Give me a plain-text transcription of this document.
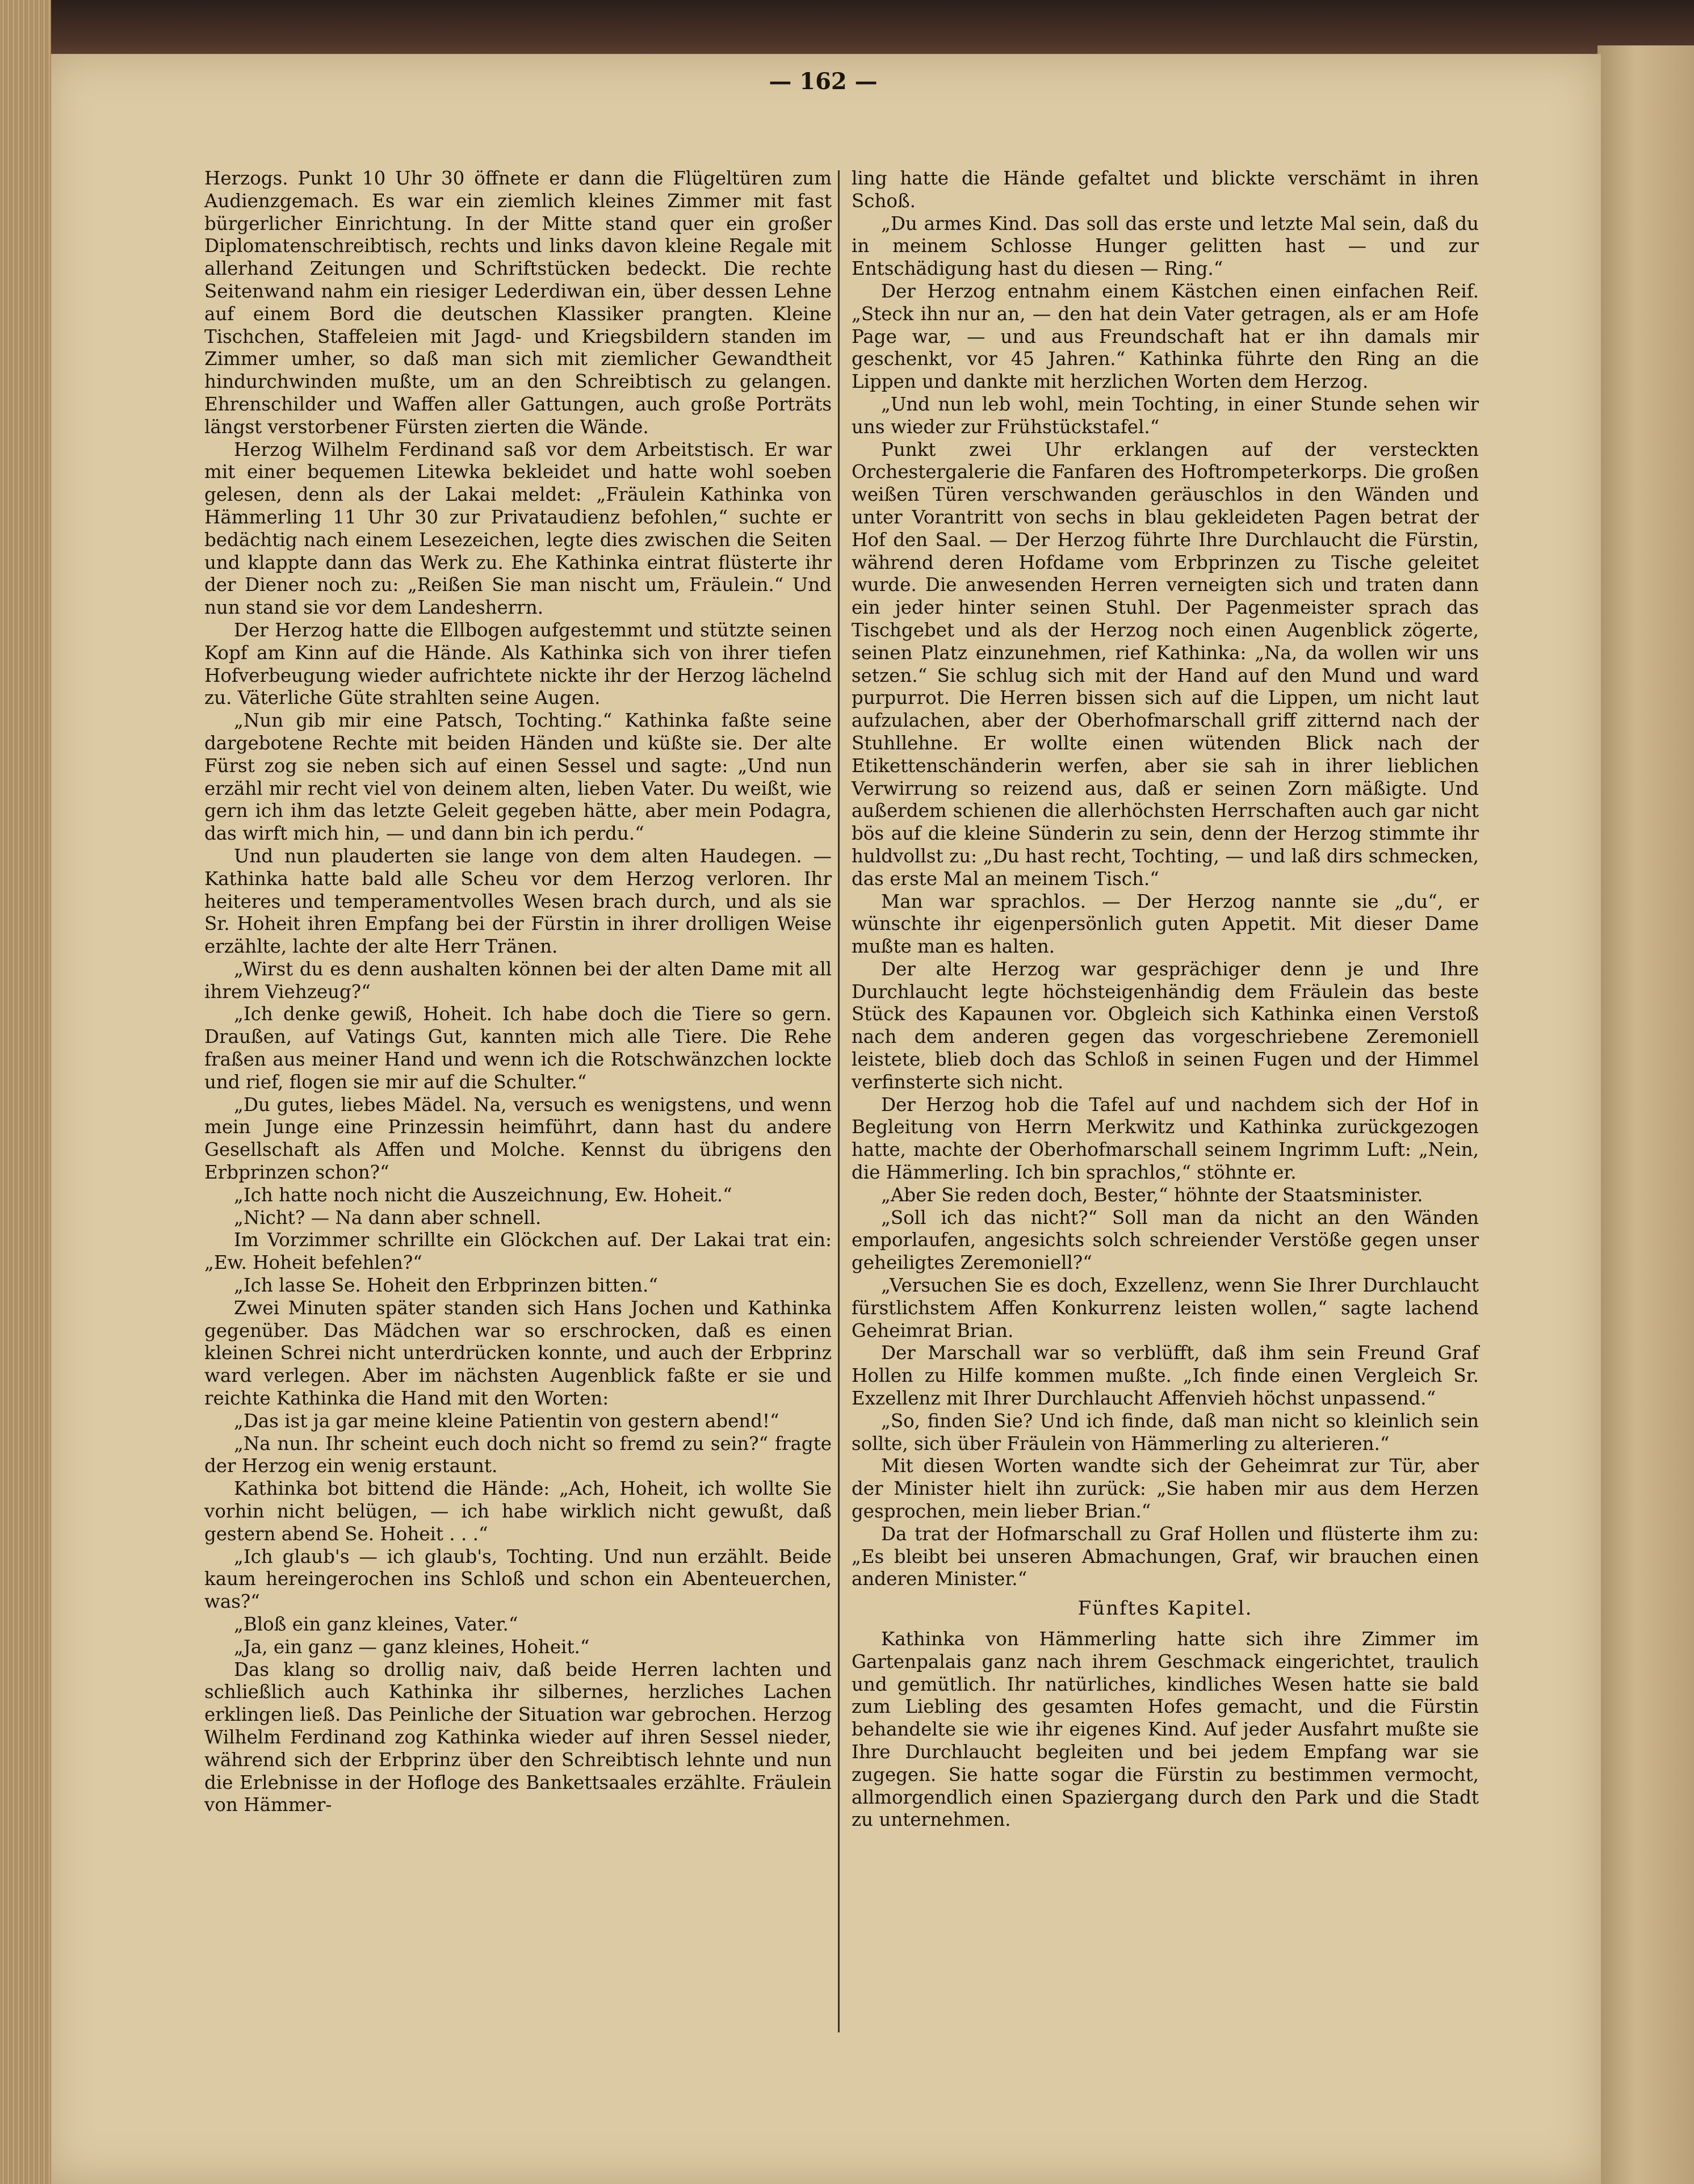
— 162 —

Herzogs. Punkt 10 Uhr 30 öffnete er dann die Flügeltüren zum Audienzgemach. Es war ein ziemlich kleines Zimmer mit fast bürgerlicher Einrichtung. In der Mitte stand quer ein großer Diplomatenschreibtisch, rechts und links davon kleine Regale mit allerhand Zeitungen und Schriftstücken bedeckt. Die rechte Seitenwand nahm ein riesiger Lederdiwan ein, über dessen Lehne auf einem Bord die deutschen Klassiker prangten. Kleine Tischchen, Staffeleien mit Jagd- und Kriegsbildern standen im Zimmer umher, so daß man sich mit ziemlicher Gewandtheit hindurchwinden mußte, um an den Schreibtisch zu gelangen. Ehrenschilder und Waffen aller Gattungen, auch große Porträts längst verstorbener Fürsten zierten die Wände.

Herzog Wilhelm Ferdinand saß vor dem Arbeitstisch. Er war mit einer bequemen Litewka bekleidet und hatte wohl soeben gelesen, denn als der Lakai meldet: „Fräulein Kathinka von Hämmerling 11 Uhr 30 zur Privataudienz befohlen,“ suchte er bedächtig nach einem Lesezeichen, legte dies zwischen die Seiten und klappte dann das Werk zu. Ehe Kathinka eintrat flüsterte ihr der Diener noch zu: „Reißen Sie man nischt um, Fräulein.“ Und nun stand sie vor dem Landesherrn.

Der Herzog hatte die Ellbogen aufgestemmt und stützte seinen Kopf am Kinn auf die Hände. Als Kathinka sich von ihrer tiefen Hofverbeugung wieder aufrichtete nickte ihr der Herzog lächelnd zu. Väterliche Güte strahlten seine Augen.

„Nun gib mir eine Patsch, Tochting.“ Kathinka faßte seine dargebotene Rechte mit beiden Händen und küßte sie. Der alte Fürst zog sie neben sich auf einen Sessel und sagte: „Und nun erzähl mir recht viel von deinem alten, lieben Vater. Du weißt, wie gern ich ihm das letzte Geleit gegeben hätte, aber mein Podagra, das wirft mich hin, — und dann bin ich perdu.“

Und nun plauderten sie lange von dem alten Haudegen. — Kathinka hatte bald alle Scheu vor dem Herzog verloren. Ihr heiteres und temperamentvolles Wesen brach durch, und als sie Sr. Hoheit ihren Empfang bei der Fürstin in ihrer drolligen Weise erzählte, lachte der alte Herr Tränen.

„Wirst du es denn aushalten können bei der alten Dame mit all ihrem Viehzeug?“

„Ich denke gewiß, Hoheit. Ich habe doch die Tiere so gern. Draußen, auf Vatings Gut, kannten mich alle Tiere. Die Rehe fraßen aus meiner Hand und wenn ich die Rotschwänzchen lockte und rief, flogen sie mir auf die Schulter.“

„Du gutes, liebes Mädel. Na, versuch es wenigstens, und wenn mein Junge eine Prinzessin heimführt, dann hast du andere Gesellschaft als Affen und Molche. Kennst du übrigens den Erbprinzen schon?“

„Ich hatte noch nicht die Auszeichnung, Ew. Hoheit.“

„Nicht? — Na dann aber schnell.

Im Vorzimmer schrillte ein Glöckchen auf. Der Lakai trat ein: „Ew. Hoheit befehlen?“

„Ich lasse Se. Hoheit den Erbprinzen bitten.“

Zwei Minuten später standen sich Hans Jochen und Kathinka gegenüber. Das Mädchen war so erschrocken, daß es einen kleinen Schrei nicht unterdrücken konnte, und auch der Erbprinz ward verlegen. Aber im nächsten Augenblick faßte er sie und reichte Kathinka die Hand mit den Worten:

„Das ist ja gar meine kleine Patientin von gestern abend!“

„Na nun. Ihr scheint euch doch nicht so fremd zu sein?“ fragte der Herzog ein wenig erstaunt.

Kathinka bot bittend die Hände: „Ach, Hoheit, ich wollte Sie vorhin nicht belügen, — ich habe wirklich nicht gewußt, daß gestern abend Se. Hoheit . . .“

„Ich glaub's — ich glaub's, Tochting. Und nun erzählt. Beide kaum hereingerochen ins Schloß und schon ein Abenteuerchen, was?“

„Bloß ein ganz kleines, Vater.“

„Ja, ein ganz — ganz kleines, Hoheit.“

Das klang so drollig naiv, daß beide Herren lachten und schließlich auch Kathinka ihr silbernes, herzliches Lachen erklingen ließ. Das Peinliche der Situation war gebrochen. Herzog Wilhelm Ferdinand zog Kathinka wieder auf ihren Sessel nieder, während sich der Erbprinz über den Schreibtisch lehnte und nun die Erlebnisse in der Hofloge des Bankettsaales erzählte. Fräulein von Hämmer-

ling hatte die Hände gefaltet und blickte verschämt in ihren Schoß.

„Du armes Kind. Das soll das erste und letzte Mal sein, daß du in meinem Schlosse Hunger gelitten hast — und zur Entschädigung hast du diesen — Ring.“

Der Herzog entnahm einem Kästchen einen einfachen Reif. „Steck ihn nur an, — den hat dein Vater getragen, als er am Hofe Page war, — und aus Freundschaft hat er ihn damals mir geschenkt, vor 45 Jahren.“ Kathinka führte den Ring an die Lippen und dankte mit herzlichen Worten dem Herzog.

„Und nun leb wohl, mein Tochting, in einer Stunde sehen wir uns wieder zur Frühstückstafel.“

Punkt zwei Uhr erklangen auf der versteckten Orchestergalerie die Fanfaren des Hoftrompeterkorps. Die großen weißen Türen verschwanden geräuschlos in den Wänden und unter Vorantritt von sechs in blau gekleideten Pagen betrat der Hof den Saal. — Der Herzog führte Ihre Durchlaucht die Fürstin, während deren Hofdame vom Erbprinzen zu Tische geleitet wurde. Die anwesenden Herren verneigten sich und traten dann ein jeder hinter seinen Stuhl. Der Pagenmeister sprach das Tischgebet und als der Herzog noch einen Augenblick zögerte, seinen Platz einzunehmen, rief Kathinka: „Na, da wollen wir uns setzen.“ Sie schlug sich mit der Hand auf den Mund und ward purpurrot. Die Herren bissen sich auf die Lippen, um nicht laut aufzulachen, aber der Oberhofmarschall griff zitternd nach der Stuhllehne. Er wollte einen wütenden Blick nach der Etikettenschänderin werfen, aber sie sah in ihrer lieblichen Verwirrung so reizend aus, daß er seinen Zorn mäßigte. Und außerdem schienen die allerhöchsten Herrschaften auch gar nicht bös auf die kleine Sünderin zu sein, denn der Herzog stimmte ihr huldvollst zu: „Du hast recht, Tochting, — und laß dirs schmecken, das erste Mal an meinem Tisch.“

Man war sprachlos. — Der Herzog nannte sie „du“, er wünschte ihr eigenpersönlich guten Appetit. Mit dieser Dame mußte man es halten.

Der alte Herzog war gesprächiger denn je und Ihre Durchlaucht legte höchsteigenhändig dem Fräulein das beste Stück des Kapaunen vor. Obgleich sich Kathinka einen Verstoß nach dem anderen gegen das vorgeschriebene Zeremoniell leistete, blieb doch das Schloß in seinen Fugen und der Himmel verfinsterte sich nicht.

Der Herzog hob die Tafel auf und nachdem sich der Hof in Begleitung von Herrn Merkwitz und Kathinka zurückgezogen hatte, machte der Oberhofmarschall seinem Ingrimm Luft: „Nein, die Hämmerling. Ich bin sprachlos,“ stöhnte er.

„Aber Sie reden doch, Bester,“ höhnte der Staatsminister.

„Soll ich das nicht?“ Soll man da nicht an den Wänden emporlaufen, angesichts solch schreiender Verstöße gegen unser geheiligtes Zeremoniell?“

„Versuchen Sie es doch, Exzellenz, wenn Sie Ihrer Durchlaucht fürstlichstem Affen Konkurrenz leisten wollen,“ sagte lachend Geheimrat Brian.

Der Marschall war so verblüfft, daß ihm sein Freund Graf Hollen zu Hilfe kommen mußte. „Ich finde einen Vergleich Sr. Exzellenz mit Ihrer Durchlaucht Affenvieh höchst unpassend.“

„So, finden Sie? Und ich finde, daß man nicht so kleinlich sein sollte, sich über Fräulein von Hämmerling zu alterieren.“

Mit diesen Worten wandte sich der Geheimrat zur Tür, aber der Minister hielt ihn zurück: „Sie haben mir aus dem Herzen gesprochen, mein lieber Brian.“

Da trat der Hofmarschall zu Graf Hollen und flüsterte ihm zu: „Es bleibt bei unseren Abmachungen, Graf, wir brauchen einen anderen Minister.“

Fünftes Kapitel.

Kathinka von Hämmerling hatte sich ihre Zimmer im Gartenpalais ganz nach ihrem Geschmack eingerichtet, traulich und gemütlich. Ihr natürliches, kindliches Wesen hatte sie bald zum Liebling des gesamten Hofes gemacht, und die Fürstin behandelte sie wie ihr eigenes Kind. Auf jeder Ausfahrt mußte sie Ihre Durchlaucht begleiten und bei jedem Empfang war sie zugegen. Sie hatte sogar die Fürstin zu bestimmen vermocht, allmorgendlich einen Spaziergang durch den Park und die Stadt zu unternehmen.
